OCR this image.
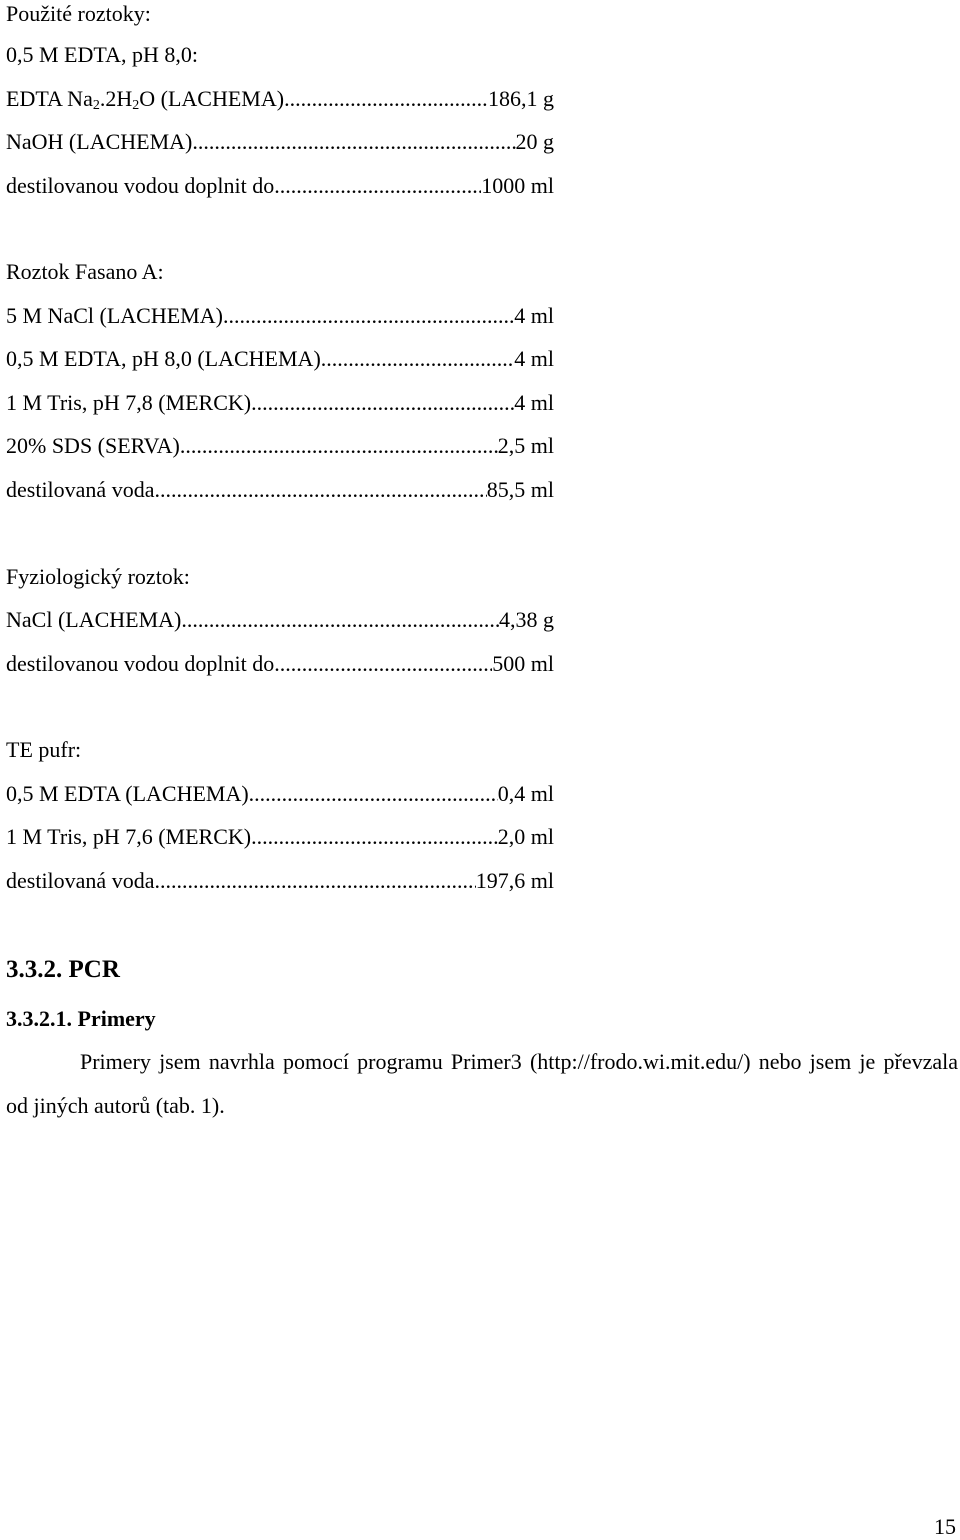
Použité roztoky:
0,5 M EDTA, pH 8,0:
EDTA $Na_2.2H_2O$ (LACHEMA) .....	186,1 g
NaOH (LACHEMA) .....	20 g
destilovanou vodou doplnit do .....	1000 ml
Roztok Fasano A:
5 M NaCl (LACHEMA) .....	4 ml
0,5 M EDTA, pH 8,0 (LACHEMA) .....	4 ml
1 M Tris, pH 7,8 (MERCK) .....	4 ml
20% SDS (SERVA) .....	2,5 ml
destilovaná voda .....	85,5 ml
Fyziologický roztok:
NaCl (LACHEMA) .....	4,38 g
destilovanou vodou doplnit do .....	500 ml
TE pufr:
0,5 M EDTA (LACHEMA) .....	0,4 ml
1 M Tris, pH 7,6 (MERCK) .....	2,0 ml
destilovaná voda .....	197,6 ml
3.3.2. PCR
3.3.2.1. Primery
Primery jsem navrhla pomocí programu Primer3 (http://frodo.wi.mit.edu/) nebo jsem je převzala od jiných autorů (tab. 1).
15
